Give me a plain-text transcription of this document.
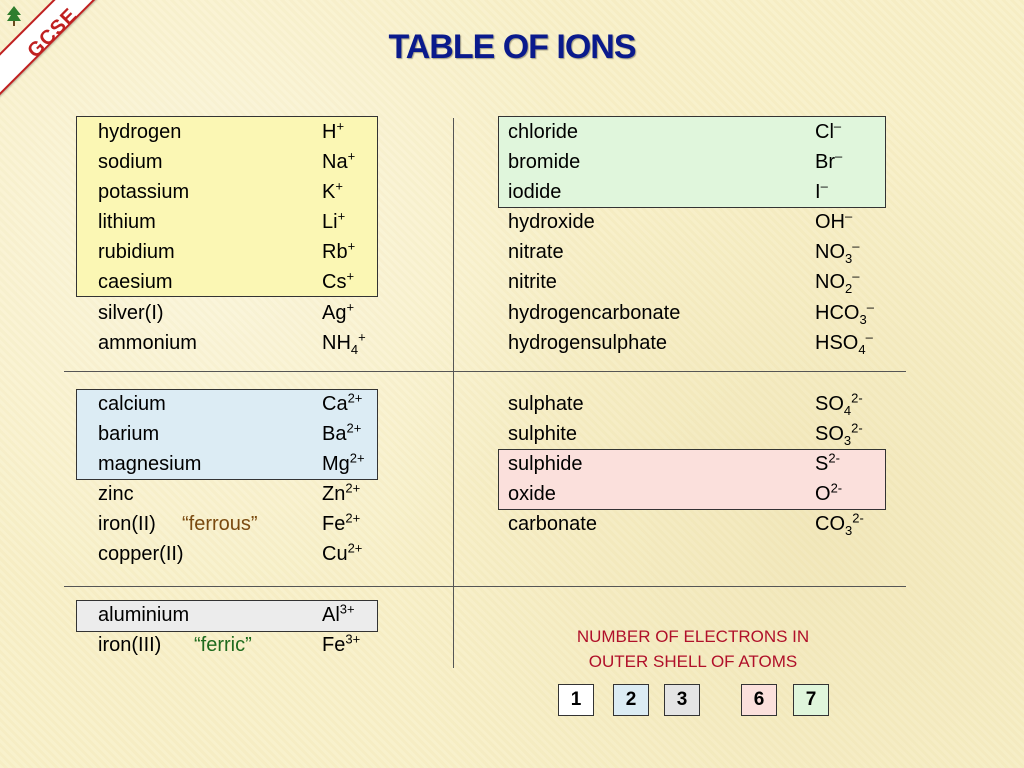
GCSE	TABLE OF IONS
hydrogen	H+
sodium	Na+
potassium	K+
lithium	Li+
rubidium	Rb+
caesium	Cs+
silver(I)	Ag+
ammonium	$NH_4^+$
calcium	$Ca^{2+}$
barium	$Ba^{2+}$
magnesium	$Mg^{2+}$
zinc	$Zn^{2+}$
iron(II) “ferrous”	$Fe^{2+}$
copper(II)	$Cu^{2+}$
aluminium	$Al^{3+}$
iron(III) “ferric”	$Fe^{3+}$
chloride	Cl–
bromide	Br–
iodide	I–
hydroxide	OH–
nitrate	$NO_3^-$
nitrite	$NO_2^-$
hydrogencarbonate	$HCO_3^-$
hydrogensulphate	$HSO_4^-$
sulphate	$SO_4^{2-}$
sulphite	$SO_3^{2-}$
sulphide	$S^{2-}$
oxide	$O^{2-}$
carbonate	$CO_3^{2-}$
NUMBER OF ELECTRONS IN
OUTER SHELL OF ATOMS
1	2	3	6	7
